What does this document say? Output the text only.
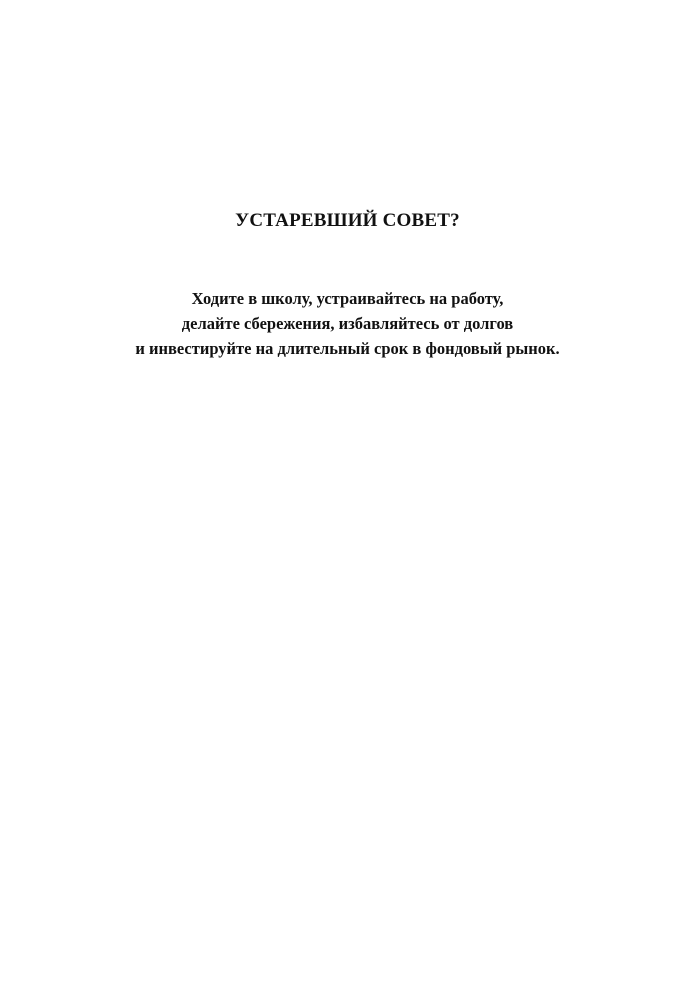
УСТАРЕВШИЙ СОВЕТ?

Ходите в школу, устраивайтесь на работу,
делайте сбережения, избавляйтесь от долгов
и инвестируйте на длительный срок в фондовый рынок.
